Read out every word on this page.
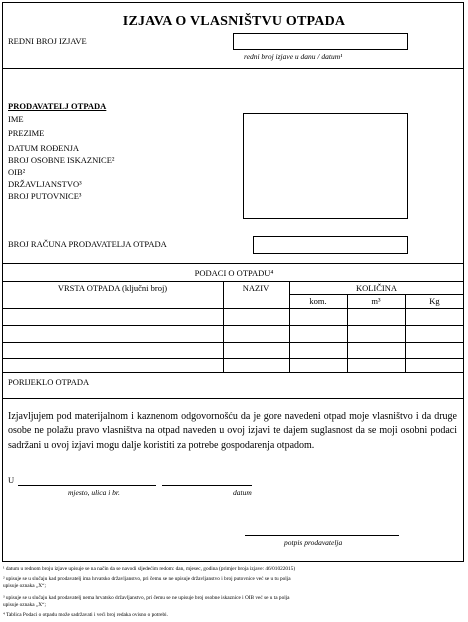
IZJAVA O VLASNIŠTVU OTPADA
REDNI BROJ IZJAVE
redni broj izjave u danu / datum¹
PRODAVATELJ OTPADA
IME
PREZIME
DATUM ROĐENJA
BROJ OSOBNE ISKAZNICE²
OIB²
DRŽAVLJANSTVO³
BROJ PUTOVNICE³
BROJ RAČUNA PRODAVATELJA OTPADA
PODACI O OTPADU⁴
VRSTA OTPADA (ključni broj)	NAZIV	KOLIČINA
kom.	m³	Kg
PORIJEKLO OTPADA
Izjavljujem pod materijalnom i kaznenom odgovornošću da je gore navedeni otpad moje vlasništvo i da druge osobe ne polažu pravo vlasništva na otpad naveden u ovoj izjavi te dajem suglasnost da se moji osobni podaci sadržani u ovoj izjavi mogu dalje koristiti za potrebe gospodarenja otpadom.
U
mjesto, ulica i br.	datum
potpis prodavatelja
¹ datum u rednom broju izjave upisuje se na način da se navodi sljedećim redom: dan, mjesec, godina (primjer broja izjave: 46/01022015)
² upisuje se u slučaju kad prodavatelj ima hrvatsko državljanstvo, pri čemu se ne upisuje državljanstvo i broj putovnice već se u tu polja
upisuje oznaka „X“;
³ upisuje se u slučaju kad prodavatelj nema hrvatsko državljanstvo, pri čemu se ne upisuje broj osobne iskaznice i OIB već se u ta polja
upisuje oznaka „X“;
⁴ Tablica Podaci o otpadu može sadržavati i veći broj redaka ovisno o potrebi.
